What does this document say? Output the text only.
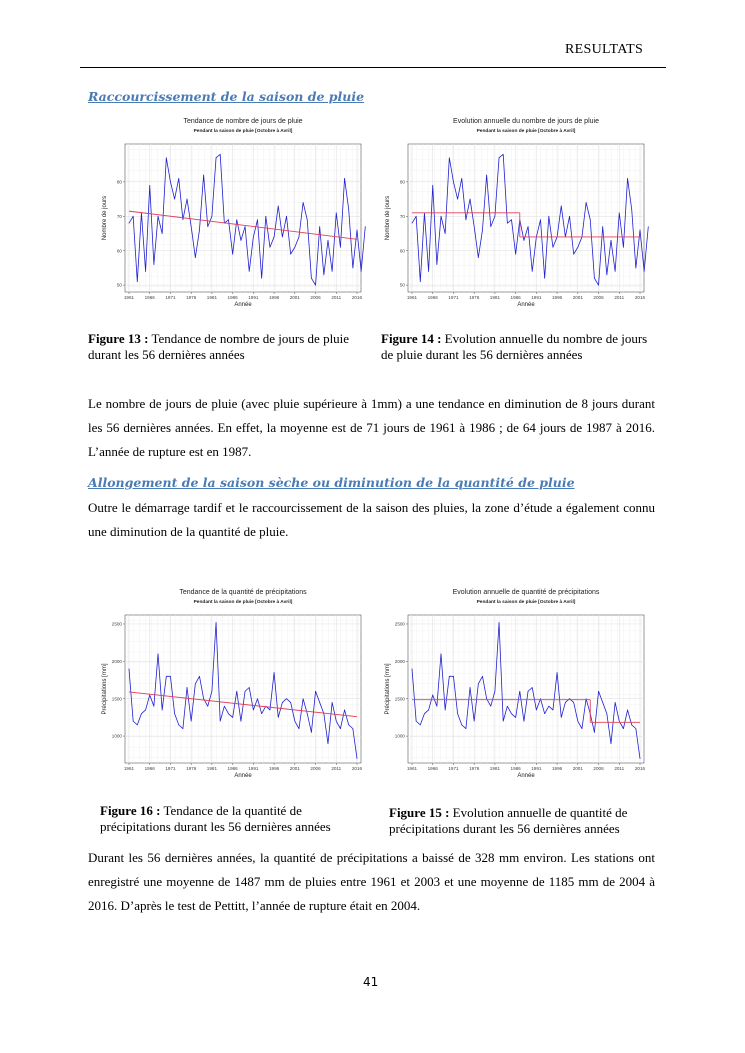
RESULTATS
Raccourcissement de la saison de pluie
Tendance de nombre de jours de pluie
Pendant la saison de pluie [Octobre à Avril]
50
60
70
80
1961 1966 1971 1976 1981 1986 1991 1996 2001 2006 2011 2016
Année
Nombre de jours
Evolution annuelle du nombre de jours de pluie
Pendant la saison de pluie [Octobre à Avril]
50
60
70
80
1961 1966 1971 1976 1981 1986 1991 1996 2001 2006 2011 2016
Année
Nombre de jours
Figure 13 : Tendance de nombre de jours de pluie durant les 56 dernières années
Figure 14 : Evolution annuelle du nombre de jours de pluie durant les 56 dernières années
Le nombre de jours de pluie (avec pluie supérieure à 1mm) a une tendance en diminution de 8 jours durant les 56 dernières années. En effet, la moyenne est de 71 jours de 1961 à 1986 ; de 64 jours de 1987 à 2016. L’année de rupture est en 1987.
Allongement de la saison sèche ou diminution de la quantité de pluie
Outre le démarrage tardif et le raccourcissement de la saison des pluies, la zone d’étude a également connu une diminution de la quantité de pluie.
Tendance de la quantité de précipitations
Pendant la saison de pluie [Octobre à Avril]
1000
1500
2000
2500
1961 1966 1971 1976 1981 1986 1991 1996 2001 2006 2011 2016
Année
Précipitations [mm]
Evolution annuelle de quantité de précipitations
Pendant la saison de pluie [Octobre à Avril]
1000
1500
2000
2500
1961 1966 1971 1976 1981 1986 1991 1996 2001 2006 2011 2016
Année
Précipitations [mm]
Figure 16 : Tendance de la quantité de précipitations durant les 56 dernières années
Figure 15 : Evolution annuelle de quantité de précipitations durant les 56 dernières années
Durant les 56 dernières années, la quantité de précipitations a baissé de 328 mm environ. Les stations ont enregistré une moyenne de 1487 mm de pluies entre 1961 et 2003 et une moyenne de 1185 mm de 2004 à 2016. D’après le test de Pettitt, l’année de rupture était en 2004.
41
